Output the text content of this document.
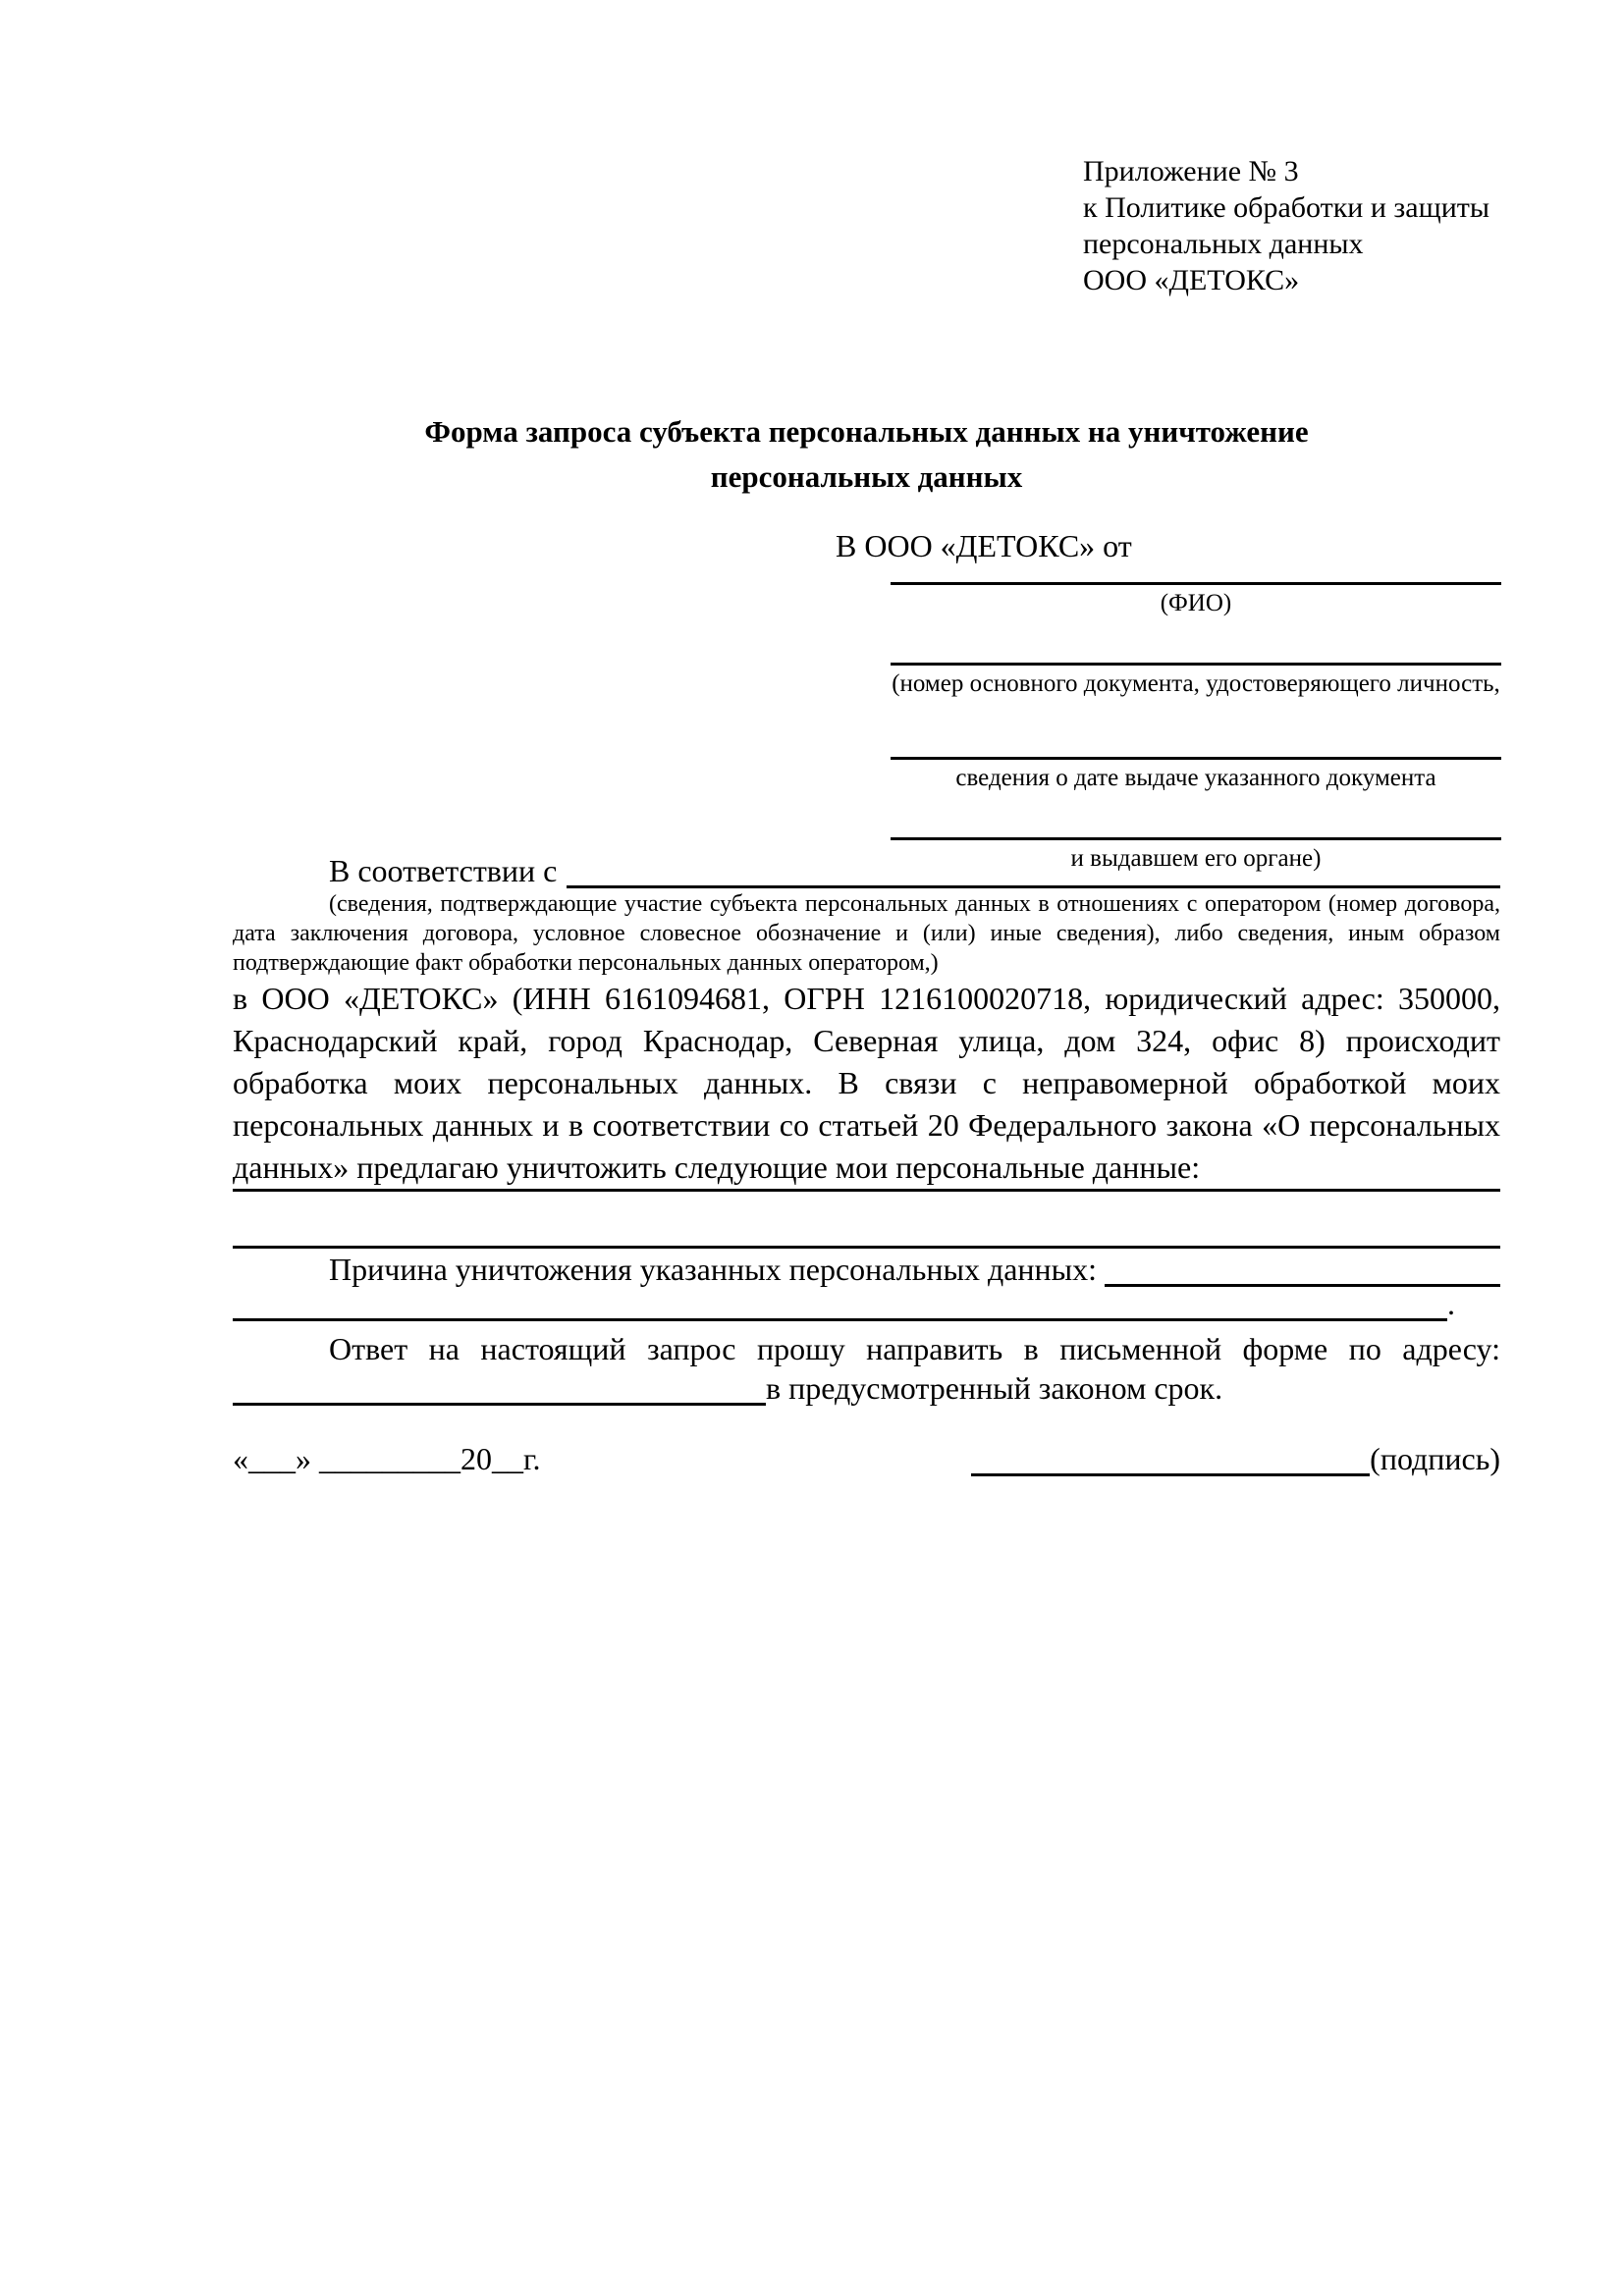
Приложение № 3
к Политике обработки и защиты
персональных данных
ООО «ДЕТОКС»
Форма запроса субъекта персональных данных на уничтожение
персональных данных
В ООО «ДЕТОКС» от
(ФИО)
(номер основного документа, удостоверяющего личность,
сведения о дате выдаче указанного документа
и выдавшем его органе)
В соответствии с
(сведения, подтверждающие участие субъекта персональных данных в отношениях с оператором (номер договора, дата заключения договора, условное словесное обозначение и (или) иные сведения), либо сведения, иным образом подтверждающие факт обработки персональных данных оператором,)
в ООО «ДЕТОКС» (ИНН 6161094681, ОГРН 1216100020718, юридический адрес: 350000, Краснодарский край, город Краснодар, Северная улица, дом 324, офис 8) происходит обработка моих персональных данных. В связи с неправомерной обработкой моих персональных данных и в соответствии со статьей 20 Федерального закона «О персональных данных» предлагаю уничтожить следующие мои персональные данные:
Причина уничтожения указанных персональных данных:
.
Ответ на настоящий запрос прошу направить в письменной форме по адресу:
в предусмотренный законом срок.
«___» _________20__г.	(подпись)
